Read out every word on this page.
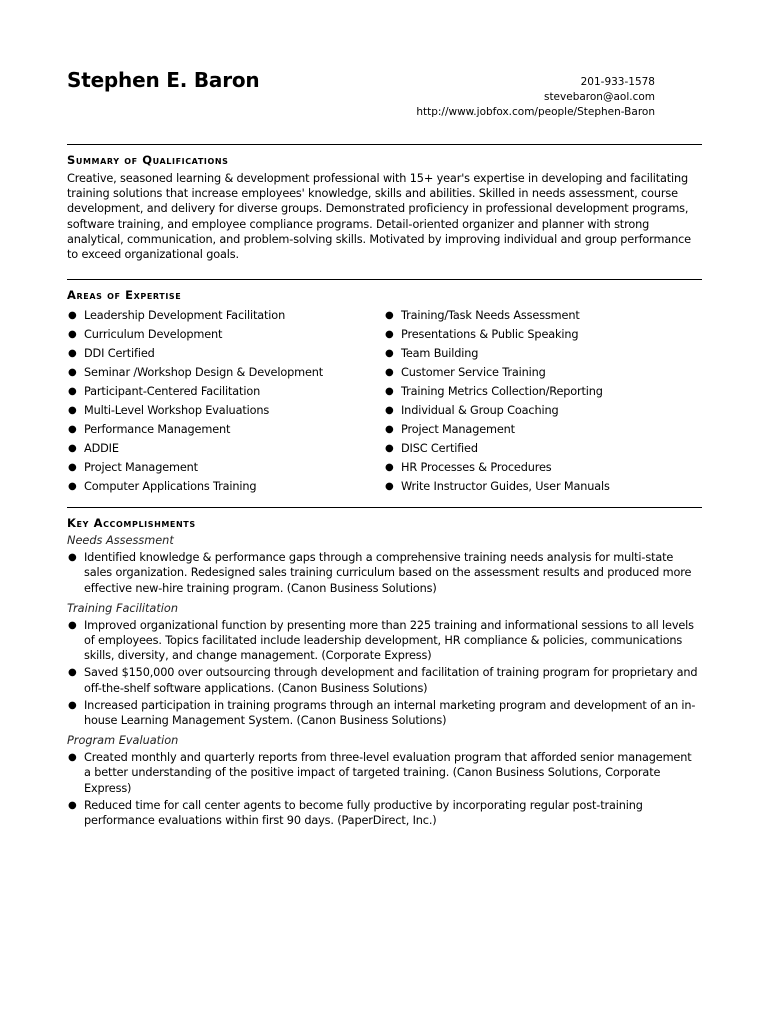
Stephen E. Baron	201-933-1578
stevebaron@aol.com
http://www.jobfox.com/people/Stephen-Baron
Summary of Qualifications

Creative, seasoned learning & development professional with 15+ year's expertise in developing and facilitating training solutions that increase employees' knowledge, skills and abilities. Skilled in needs assessment, course development, and delivery for diverse groups. Demonstrated proficiency in professional development programs, software training, and employee compliance programs. Detail-oriented organizer and planner with strong analytical, communication, and problem-solving skills. Motivated by improving individual and group performance to exceed organizational goals.

Areas of Expertise
● Leadership Development Facilitation
● Curriculum Development
● DDI Certified
● Seminar /Workshop Design & Development
● Participant-Centered Facilitation
● Multi-Level Workshop Evaluations
● Performance Management
● ADDIE
● Project Management
● Computer Applications Training
● Training/Task Needs Assessment
● Presentations & Public Speaking
● Team Building
● Customer Service Training
● Training Metrics Collection/Reporting
● Individual & Group Coaching
● Project Management
● DISC Certified
● HR Processes & Procedures
● Write Instructor Guides, User Manuals
Key Accomplishments
Needs Assessment
● Identified knowledge & performance gaps through a comprehensive training needs analysis for multi-state sales organization. Redesigned sales training curriculum based on the assessment results and produced more effective new-hire training program. (Canon Business Solutions)
Training Facilitation
● Improved organizational function by presenting more than 225 training and informational sessions to all levels of employees. Topics facilitated include leadership development, HR compliance & policies, communications skills, diversity, and change management. (Corporate Express)
● Saved $150,000 over outsourcing through development and facilitation of training program for proprietary and off-the-shelf software applications. (Canon Business Solutions)
● Increased participation in training programs through an internal marketing program and development of an in-house Learning Management System. (Canon Business Solutions)
Program Evaluation
● Created monthly and quarterly reports from three-level evaluation program that afforded senior management a better understanding of the positive impact of targeted training. (Canon Business Solutions, Corporate Express)
● Reduced time for call center agents to become fully productive by incorporating regular post-training performance evaluations within first 90 days. (PaperDirect, Inc.)
